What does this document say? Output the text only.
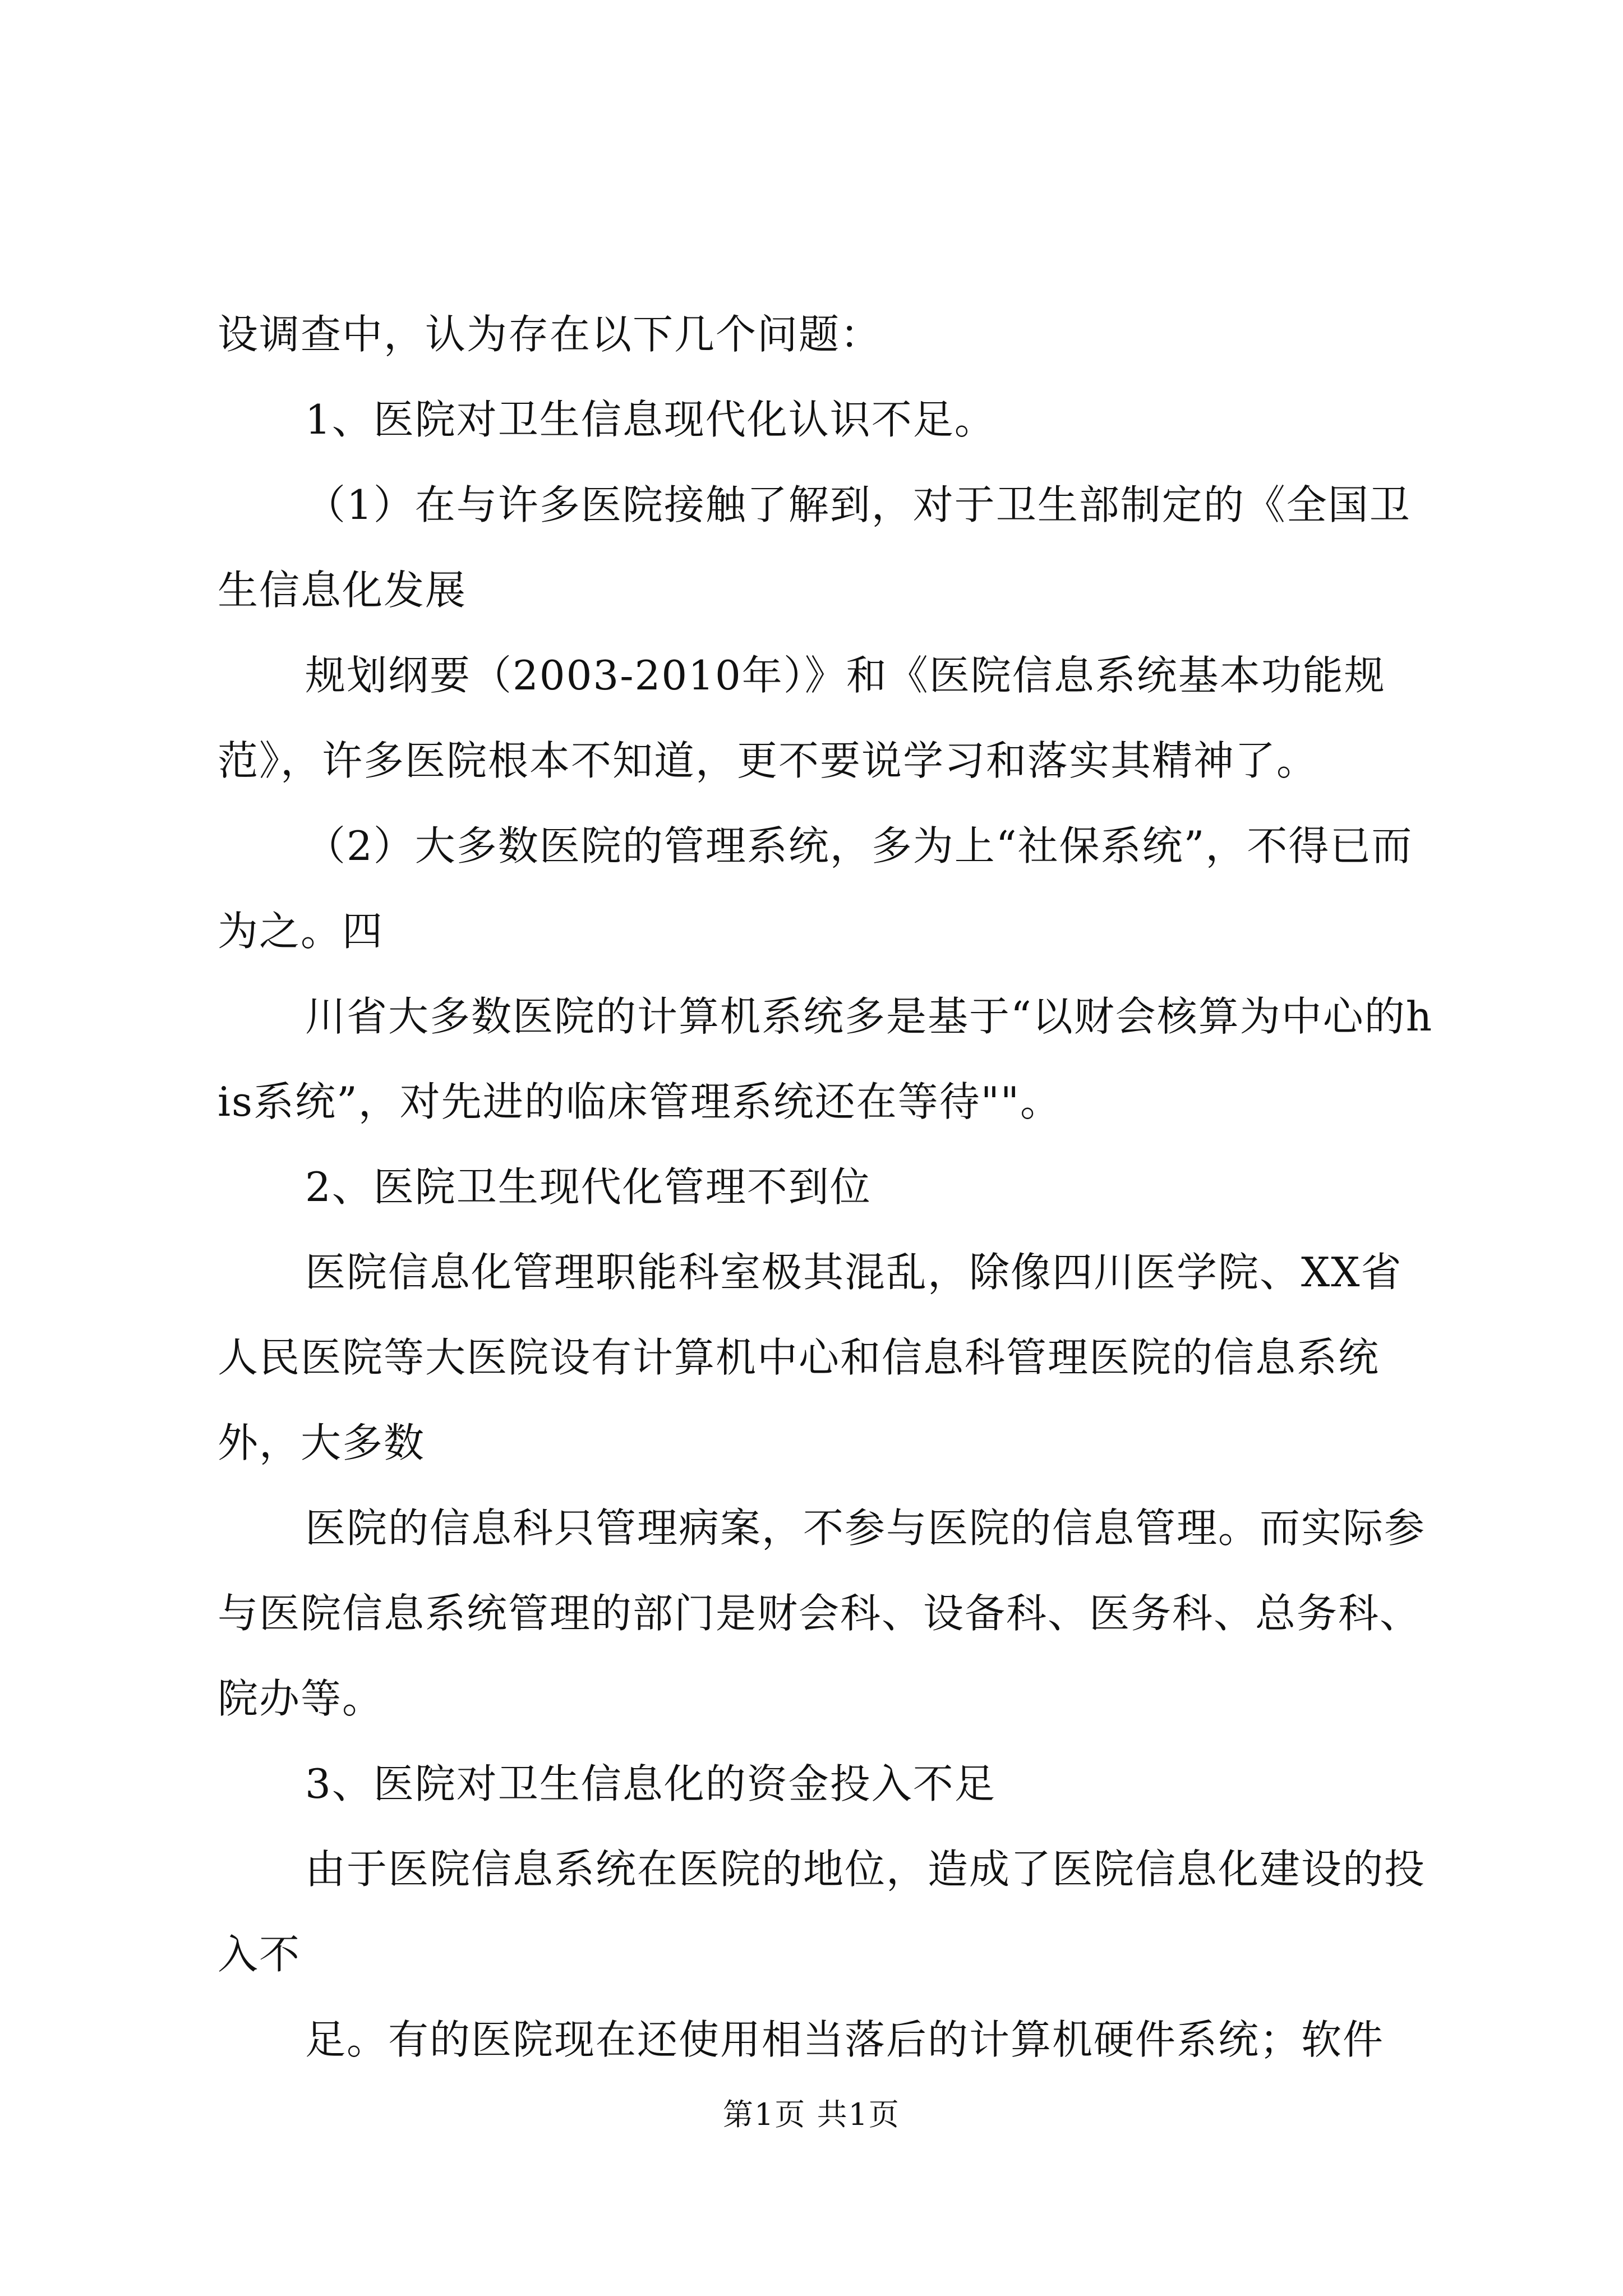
设调查中，认为存在以下几个问题：

1、医院对卫生信息现代化认识不足。

（1）在与许多医院接触了解到，对于卫生部制定的《全国卫生信息化发展

规划纲要（2003-2010年）》和《医院信息系统基本功能规范》，许多医院根本不知道，更不要说学习和落实其精神了。

（2）大多数医院的管理系统，多为上“社保系统”，不得已而为之。四

川省大多数医院的计算机系统多是基于“以财会核算为中心的his系统”，对先进的临床管理系统还在等待""。

2、医院卫生现代化管理不到位

医院信息化管理职能科室极其混乱，除像四川医学院、XX省人民医院等大医院设有计算机中心和信息科管理医院的信息系统外，大多数

医院的信息科只管理病案，不参与医院的信息管理。而实际参与医院信息系统管理的部门是财会科、设备科、医务科、总务科、院办等。

3、医院对卫生信息化的资金投入不足

由于医院信息系统在医院的地位，造成了医院信息化建设的投入不

足。有的医院现在还使用相当落后的计算机硬件系统；软件

第1页 共1页
